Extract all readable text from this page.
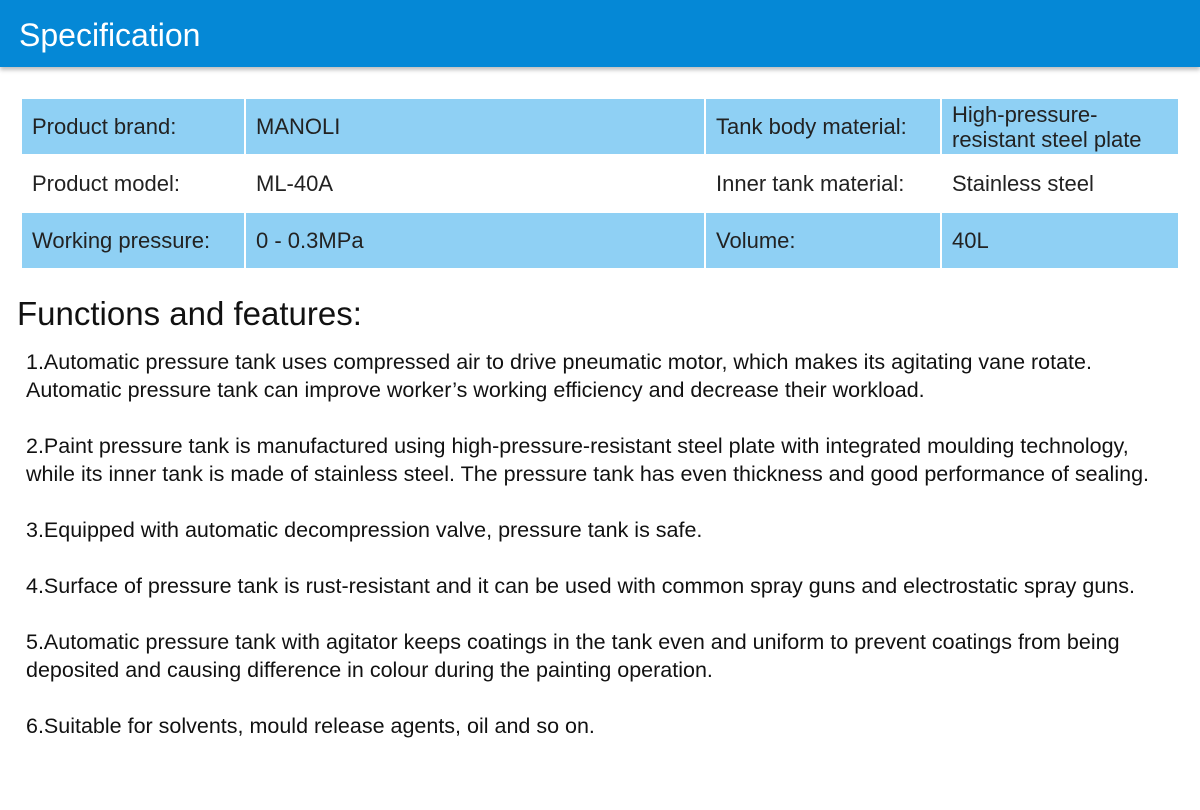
Specification
Product brand:	MANOLI	Tank body material:	High-pressure-resistant steel plate
Product model:	ML-40A	Inner tank material:	Stainless steel
Working pressure:	0 - 0.3MPa	Volume:	40L
Functions and features:
1.Automatic pressure tank uses compressed air to drive pneumatic motor, which makes its agitating vane rotate. Automatic pressure tank can improve worker’s working efficiency and decrease their workload.
2.Paint pressure tank is manufactured using high-pressure-resistant steel plate with integrated moulding technology, while its inner tank is made of stainless steel. The pressure tank has even thickness and good performance of sealing.
3.Equipped with automatic decompression valve, pressure tank is safe.
4.Surface of pressure tank is rust-resistant and it can be used with common spray guns and electrostatic spray guns.
5.Automatic pressure tank with agitator keeps coatings in the tank even and uniform to prevent coatings from being deposited and causing difference in colour during the painting operation.
6.Suitable for solvents, mould release agents, oil and so on.
